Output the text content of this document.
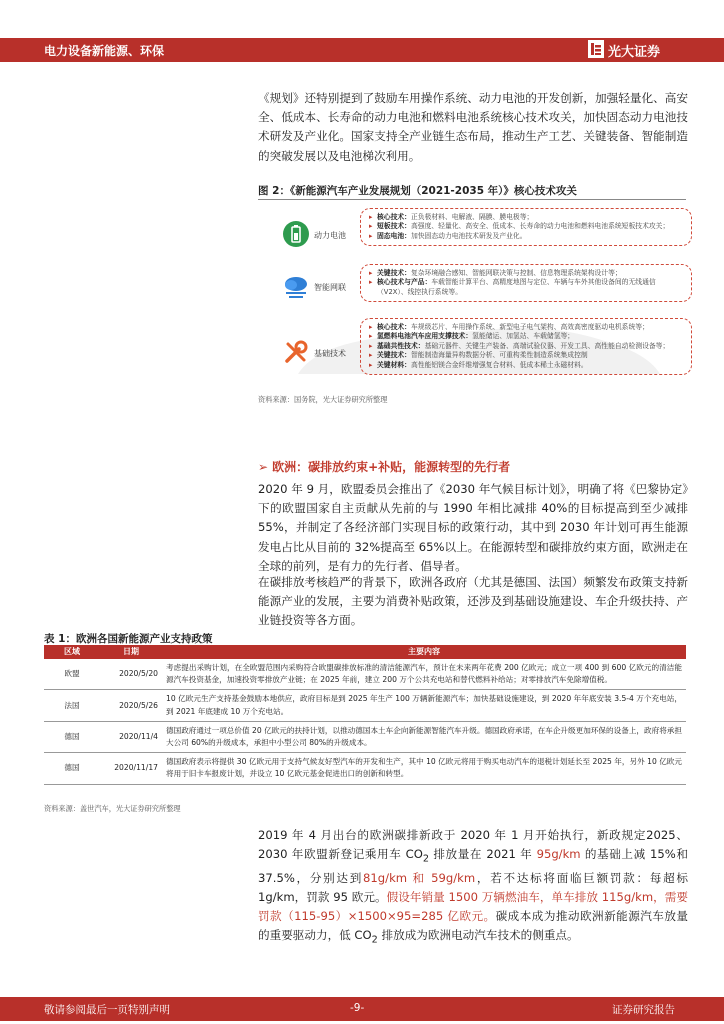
电力设备新能源、环保	光大证券
《规划》还特别提到了鼓励车用操作系统、动力电池的开发创新，加强轻量化、高安全、低成本、长寿命的动力电池和燃料电池系统核心技术攻关，加快固态动力电池技术研发及产业化。国家支持全产业链生态布局，推动生产工艺、关键装备、智能制造的突破发展以及电池梯次利用。
图 2：《新能源汽车产业发展规划（2021-2035 年）》核心技术攻关
动力电池
▸ 核心技术：正负极材料、电解液、隔膜、膜电极等；
▸ 短板技术：高强度、轻量化、高安全、低成本、长寿命的动力电池和燃料电池系统短板技术攻关；
▸ 固态电池：加快固态动力电池技术研发及产业化。
智能网联
▸ 关键技术：复杂环境融合感知、智能网联决策与控制、信息物理系统架构设计等；
▸ 核心技术与产品：车载智能计算平台、高精度地图与定位、车辆与车外其他设备间的无线通信（V2X）、线控执行系统等。
基础技术
▸ 核心技术：车规级芯片、车用操作系统、新型电子电气架构、高效高密度驱动电机系统等；
▸ 氢燃料电池汽车应用支撑技术：氢能储运、加氢站、车载储氢等；
▸ 基础共性技术：基础元器件、关键生产装备、高端试验仪器、开发工具、高性能自动检测设备等；
▸ 关键技术：智能制造海量异构数据分析、可重构柔性制造系统集成控制
▸ 关键材料：高性能铝镁合金纤维增强复合材料、低成本稀土永磁材料。
资料来源：国务院，光大证券研究所整理
➢ 欧洲：碳排放约束+补贴，能源转型的先行者
2020 年 9 月，欧盟委员会推出了《2030 年气候目标计划》，明确了将《巴黎协定》下的欧盟国家自主贡献从先前的与 1990 年相比减排 40%的目标提高到至少减排 55%，并制定了各经济部门实现目标的政策行动，其中到 2030 年计划可再生能源发电占比从目前的 32%提高至 65%以上。在能源转型和碳排放约束方面，欧洲走在全球的前列，是有力的先行者、倡导者。
在碳排放考核趋严的背景下，欧洲各政府（尤其是德国、法国）频繁发布政策支持新能源产业的发展，主要为消费补贴政策，还涉及到基础设施建设、车企升级扶持、产业链投资等各方面。
表 1：欧洲各国新能源产业支持政策
区域	日期	主要内容
欧盟	2020/5/20	考虑提出采购计划，在全欧盟范围内采购符合欧盟碳排放标准的清洁能源汽车，预计在未来两年花费 200 亿欧元；成立一项 400 到 600 亿欧元的清洁能源汽车投资基金，加速投资零排放产业链；在 2025 年前，建立 200 万个公共充电站和替代燃料补给站；对零排放汽车免除增值税。
法国	2020/5/26	10 亿欧元生产支持基金鼓励本地供应，政府目标是到 2025 年生产 100 万辆新能源汽车；加快基础设施建设，到 2020 年年底安装 3.5-4 万个充电站，到 2021 年底建成 10 万个充电站。
德国	2020/11/4	德国政府通过一项总价值 20 亿欧元的扶持计划，以推动德国本土车企向新能源智能汽车升级。德国政府承诺，在车企升级更加环保的设备上，政府将承担大公司 60%的升级成本，承担中小型公司 80%的升级成本。
德国	2020/11/17	德国政府表示将提供 30 亿欧元用于支持气候友好型汽车的开发和生产，其中 10 亿欧元将用于购买电动汽车的退税计划延长至 2025 年，另外 10 亿欧元将用于旧卡车报废计划，并设立 10 亿欧元基金促进出口的创新和转型。
资料来源：盖世汽车，光大证券研究所整理
2019 年 4 月出台的欧洲碳排新政于 2020 年 1 月开始执行，新政规定2025、2030 年欧盟新登记乘用车 $CO_2$ 排放量在 2021 年 95g/km 的基础上减 15%和 37.5%，分别达到81g/km 和 59g/km，若不达标将面临巨额罚款：每超标 1g/km，罚款 95 欧元。假设年销量 1500 万辆燃油车，单车排放 115g/km，需要罚款（115-95）×1500×95=285 亿欧元。碳成本成为推动欧洲新能源汽车放量的重要驱动力，低 $CO_2$ 排放成为欧洲电动汽车技术的侧重点。
敬请参阅最后一页特别声明	-9-	证券研究报告
